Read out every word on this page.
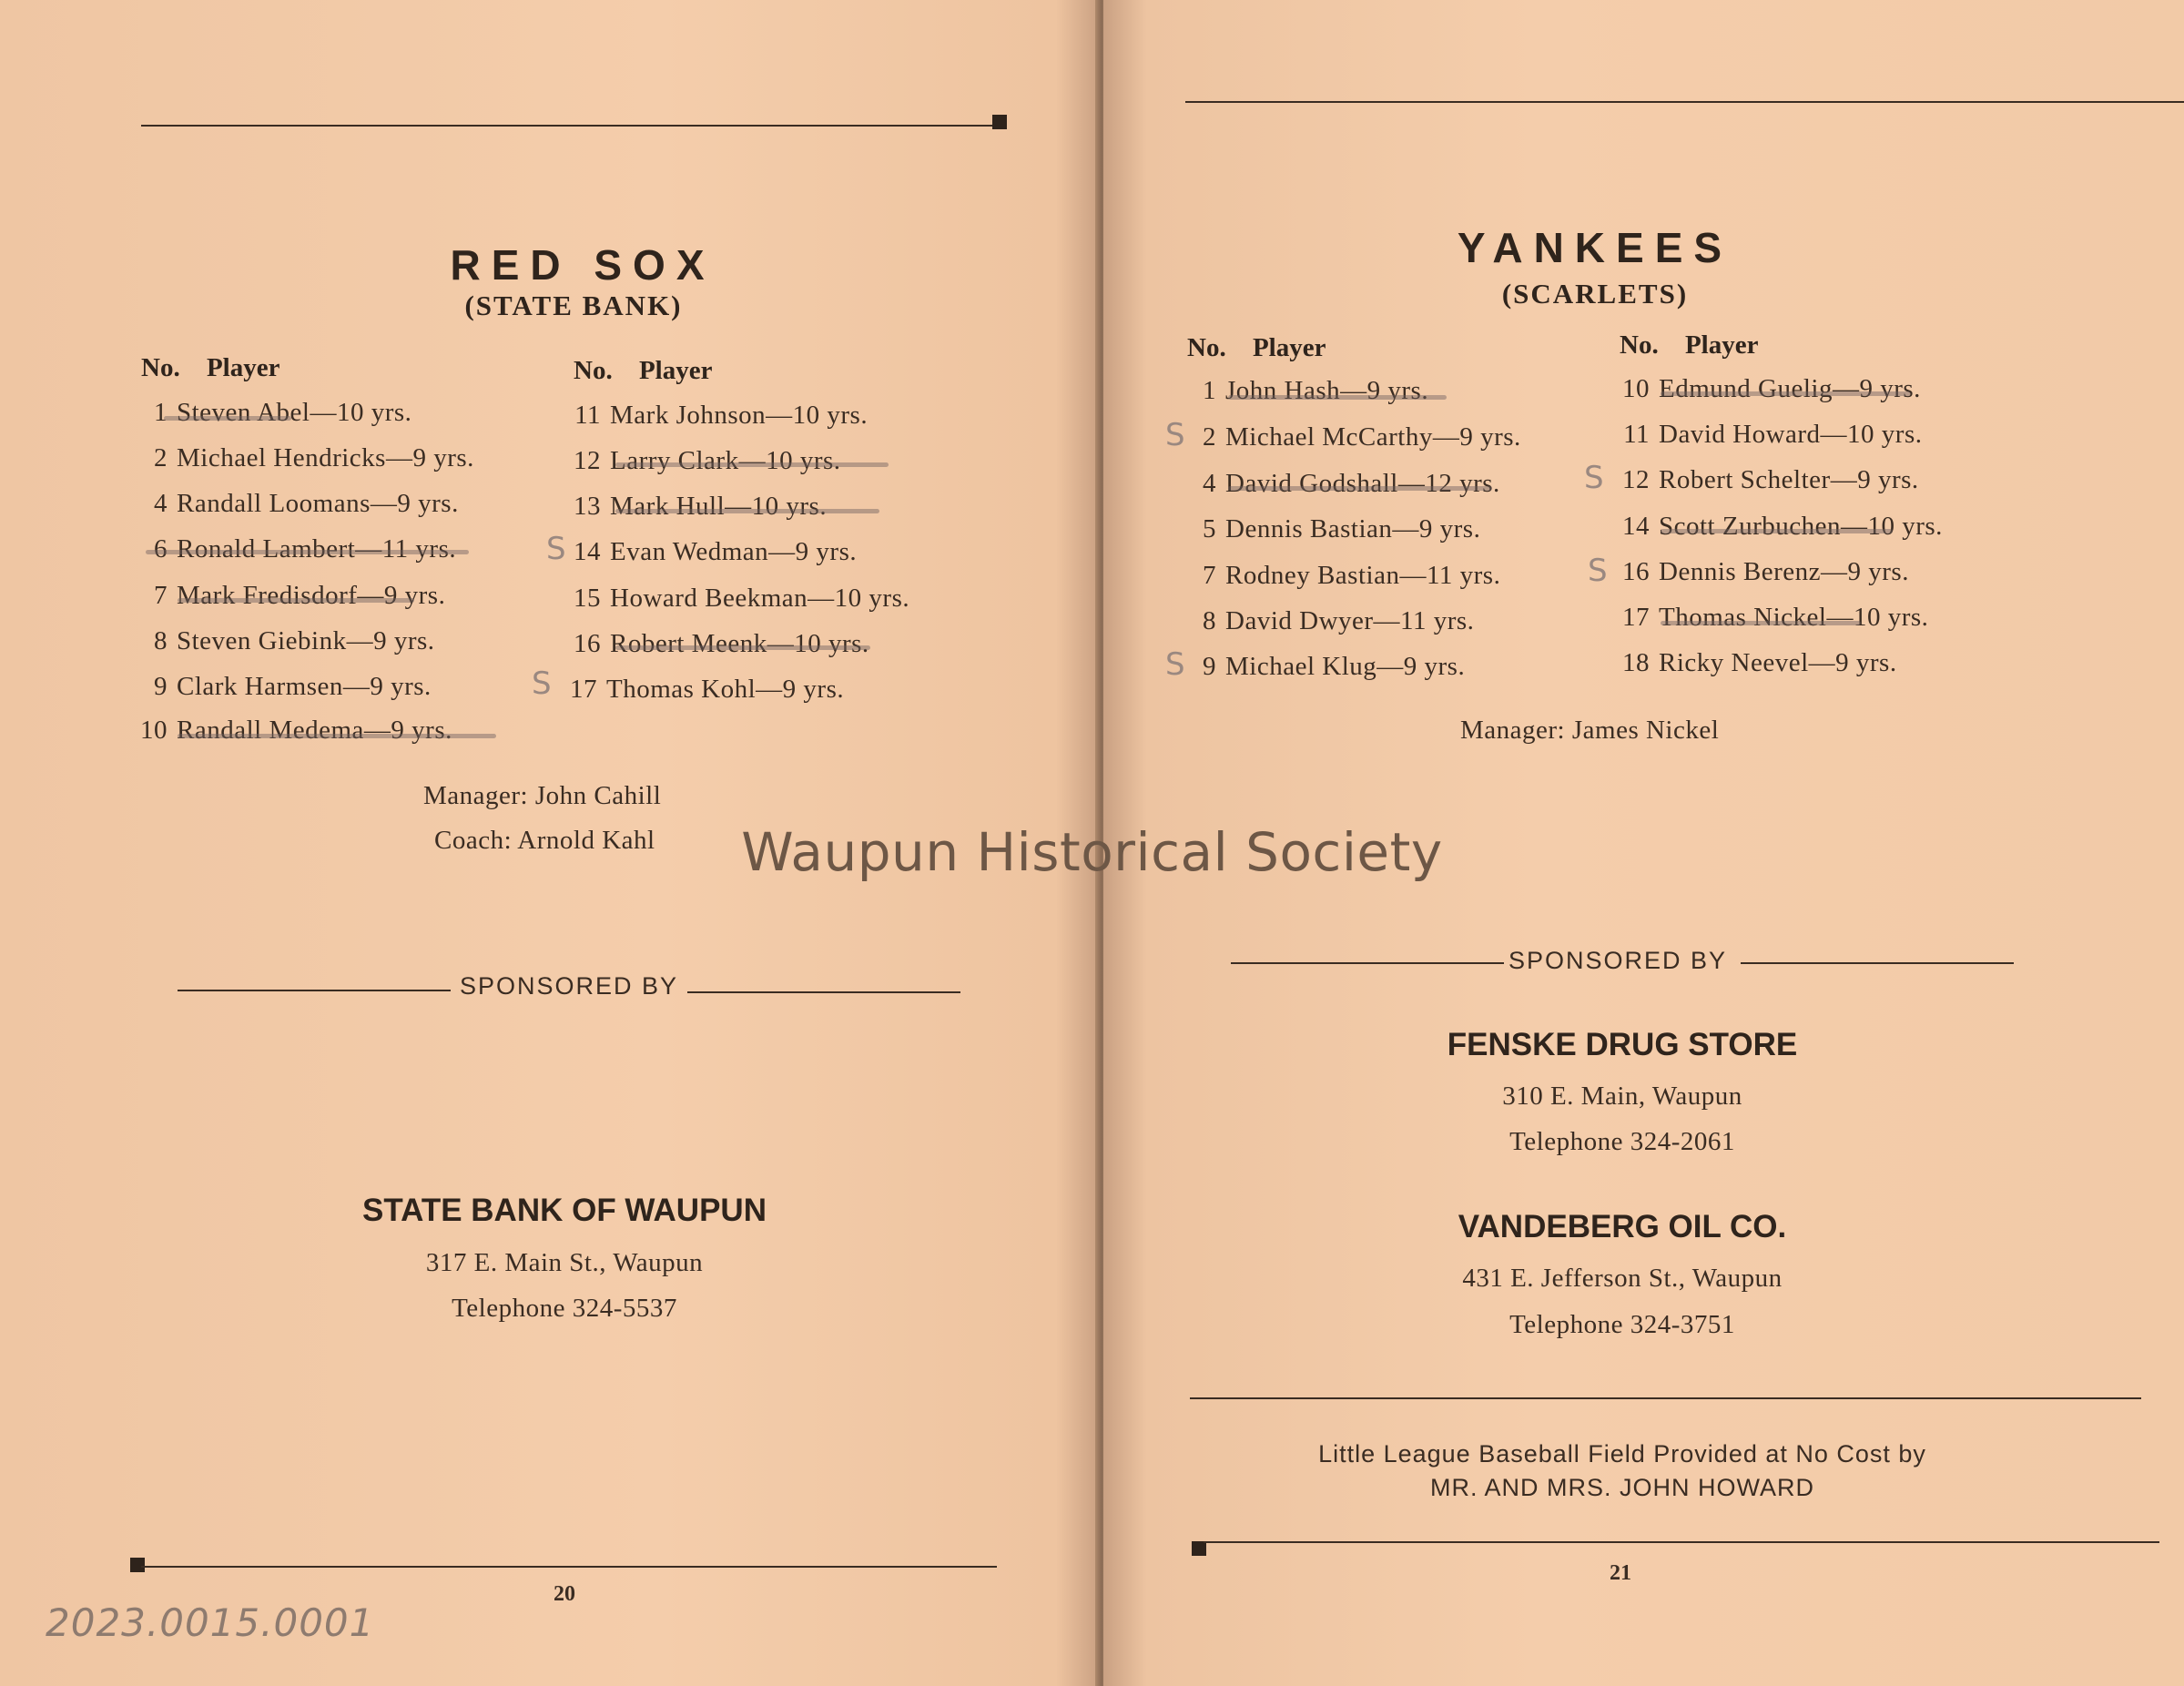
RED SOX
(STATE BANK)
No. Player	No. Player
1 Steven Abel—10 yrs.
2 Michael Hendricks—9 yrs.
4 Randall Loomans—9 yrs.
6 Ronald Lambert—11 yrs.
7 Mark Fredisdorf—9 yrs.
8 Steven Giebink—9 yrs.
9 Clark Harmsen—9 yrs.
10 Randall Medema—9 yrs.
11 Mark Johnson—10 yrs.
12 Larry Clark—10 yrs.
13 Mark Hull—10 yrs.
14 Evan Wedman—9 yrs.
15 Howard Beekman—10 yrs.
16 Robert Meenk—10 yrs.
17 Thomas Kohl—9 yrs.
S
S
Manager: John Cahill
Coach: Arnold Kahl
SPONSORED BY
STATE BANK OF WAUPUN
317 E. Main St., Waupun
Telephone 324-5537
20
YANKEES
(SCARLETS)
No. Player	No. Player
1 John Hash—9 yrs.
2 Michael McCarthy—9 yrs.
4 David Godshall—12 yrs.
5 Dennis Bastian—9 yrs.
7 Rodney Bastian—11 yrs.
8 David Dwyer—11 yrs.
9 Michael Klug—9 yrs.
10 Edmund Guelig—9 yrs.
11 David Howard—10 yrs.
12 Robert Schelter—9 yrs.
14 Scott Zurbuchen—10 yrs.
16 Dennis Berenz—9 yrs.
17 Thomas Nickel—10 yrs.
18 Ricky Neevel—9 yrs.
S
S
S
S
Manager: James Nickel
SPONSORED BY
FENSKE DRUG STORE
310 E. Main, Waupun
Telephone 324-2061
VANDEBERG OIL CO.
431 E. Jefferson St., Waupun
Telephone 324-3751
Little League Baseball Field Provided at No Cost by
MR. AND MRS. JOHN HOWARD
21
Waupun Historical Society
2023.0015.0001
